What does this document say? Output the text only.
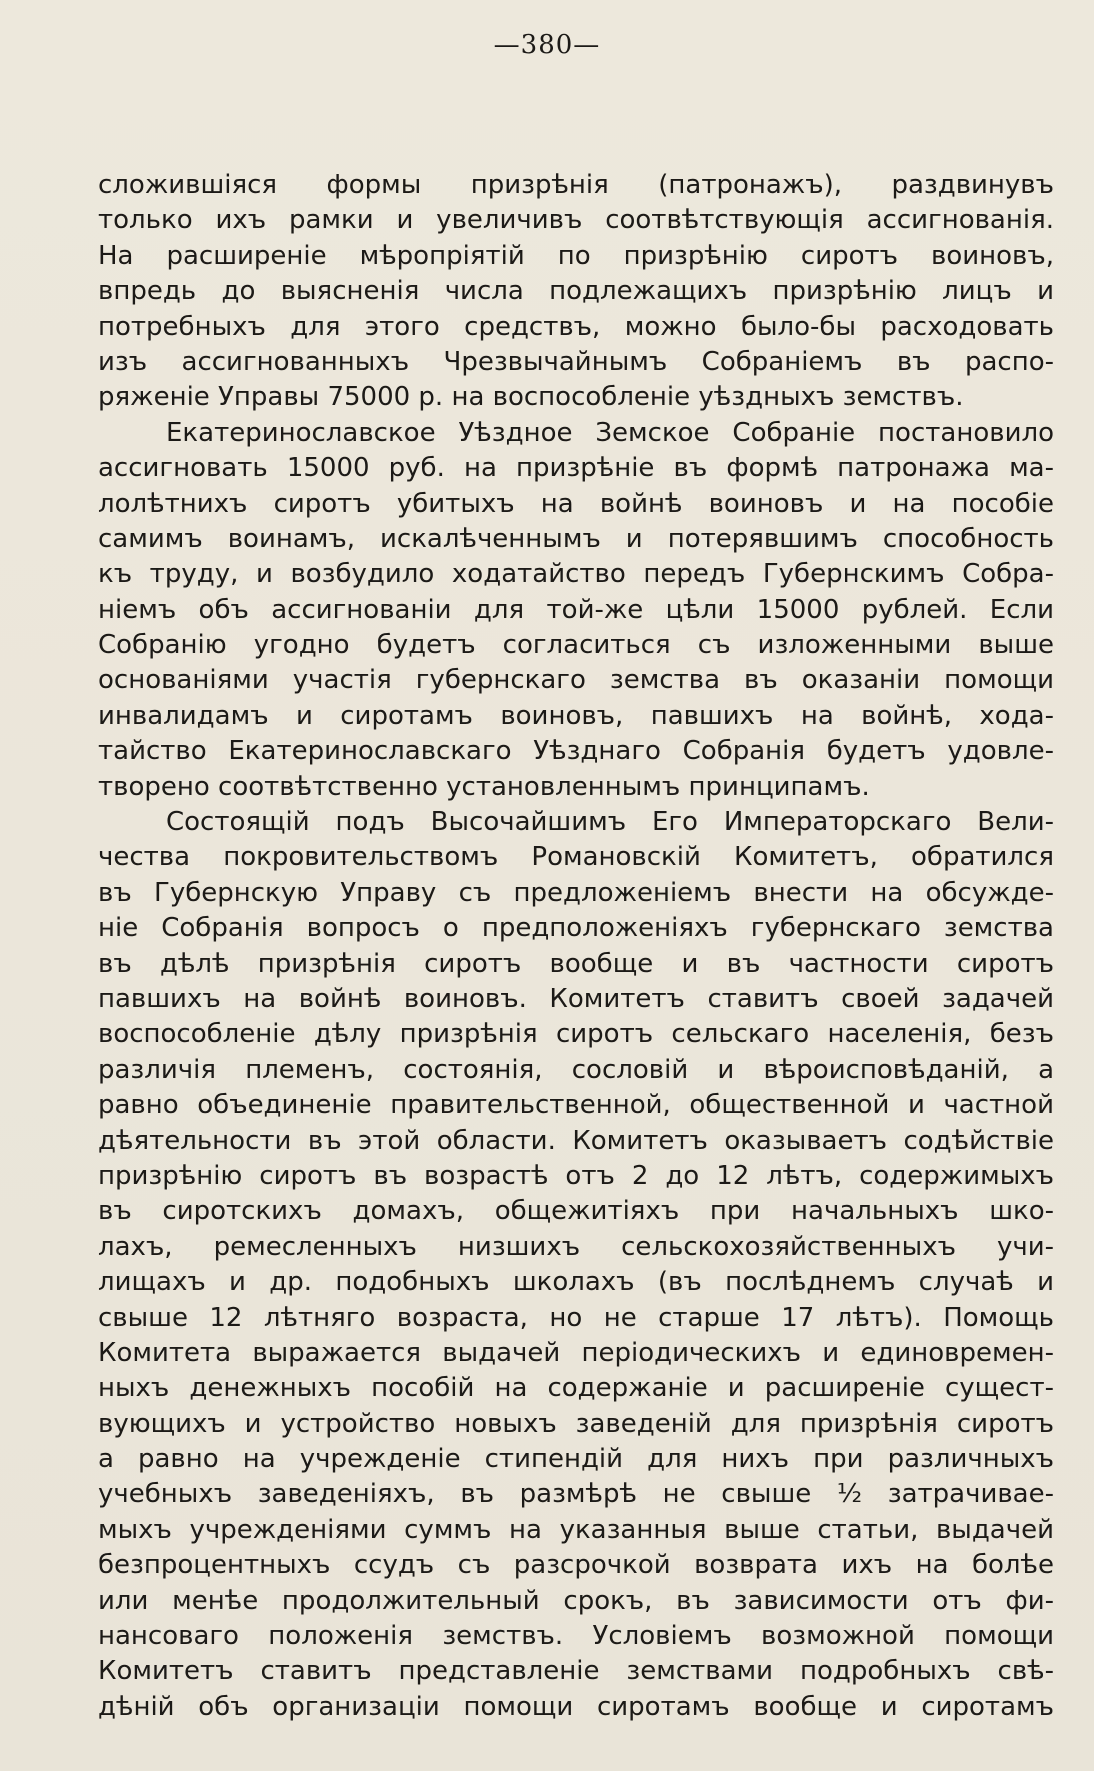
—380—
сложившіяся формы призрѣнія (патронажъ), раздвинувъ
только ихъ рамки и увеличивъ соотвѣтствующія ассигнованія.
На расширеніе мѣропріятій по призрѣнію сиротъ воиновъ,
впредь до выясненія числа подлежащихъ призрѣнію лицъ и
потребныхъ для этого средствъ, можно было-бы расходовать
изъ ассигнованныхъ Чрезвычайнымъ Собраніемъ въ распо-
ряженіе Управы 75000 р. на воспособленіе уѣздныхъ земствъ.
Екатеринославское Уѣздное Земское Собраніе постановило
ассигновать 15000 руб. на призрѣніе въ формѣ патронажа ма-
лолѣтнихъ сиротъ убитыхъ на войнѣ воиновъ и на пособіе
самимъ воинамъ, искалѣченнымъ и потерявшимъ способность
къ труду, и возбудило ходатайство передъ Губернскимъ Собра-
ніемъ объ ассигнованіи для той-же цѣли 15000 рублей. Если
Собранію угодно будетъ согласиться съ изложенными выше
основаніями участія губернскаго земства въ оказаніи помощи
инвалидамъ и сиротамъ воиновъ, павшихъ на войнѣ, хода-
тайство Екатеринославскаго Уѣзднаго Собранія будетъ удовле-
творено соотвѣтственно установленнымъ принципамъ.
Состоящій подъ Высочайшимъ Его Императорскаго Вели-
чества покровительствомъ Романовскій Комитетъ, обратился
въ Губернскую Управу съ предложеніемъ внести на обсужде-
ніе Собранія вопросъ о предположеніяхъ губернскаго земства
въ дѣлѣ призрѣнія сиротъ вообще и въ частности сиротъ
павшихъ на войнѣ воиновъ. Комитетъ ставитъ своей задачей
воспособленіе дѣлу призрѣнія сиротъ сельскаго населенія, безъ
различія племенъ, состоянія, сословій и вѣроисповѣданій, а
равно объединеніе правительственной, общественной и частной
дѣятельности въ этой области. Комитетъ оказываетъ содѣйствіе
призрѣнію сиротъ въ возрастѣ отъ 2 до 12 лѣтъ, содержимыхъ
въ сиротскихъ домахъ, общежитіяхъ при начальныхъ шко-
лахъ, ремесленныхъ низшихъ сельскохозяйственныхъ учи-
лищахъ и др. подобныхъ школахъ (въ послѣднемъ случаѣ и
свыше 12 лѣтняго возраста, но не старше 17 лѣтъ). Помощь
Комитета выражается выдачей періодическихъ и единовремен-
ныхъ денежныхъ пособій на содержаніе и расширеніе сущест-
вующихъ и устройство новыхъ заведеній для призрѣнія сиротъ
а равно на учрежденіе стипендій для нихъ при различныхъ
учебныхъ заведеніяхъ, въ размѣрѣ не свыше ½ затрачивае-
мыхъ учрежденіями суммъ на указанныя выше статьи, выдачей
безпроцентныхъ ссудъ съ разсрочкой возврата ихъ на болѣе
или менѣе продолжительный срокъ, въ зависимости отъ фи-
нансоваго положенія земствъ. Условіемъ возможной помощи
Комитетъ ставитъ представленіе земствами подробныхъ свѣ-
дѣній объ организаціи помощи сиротамъ вообще и сиротамъ
